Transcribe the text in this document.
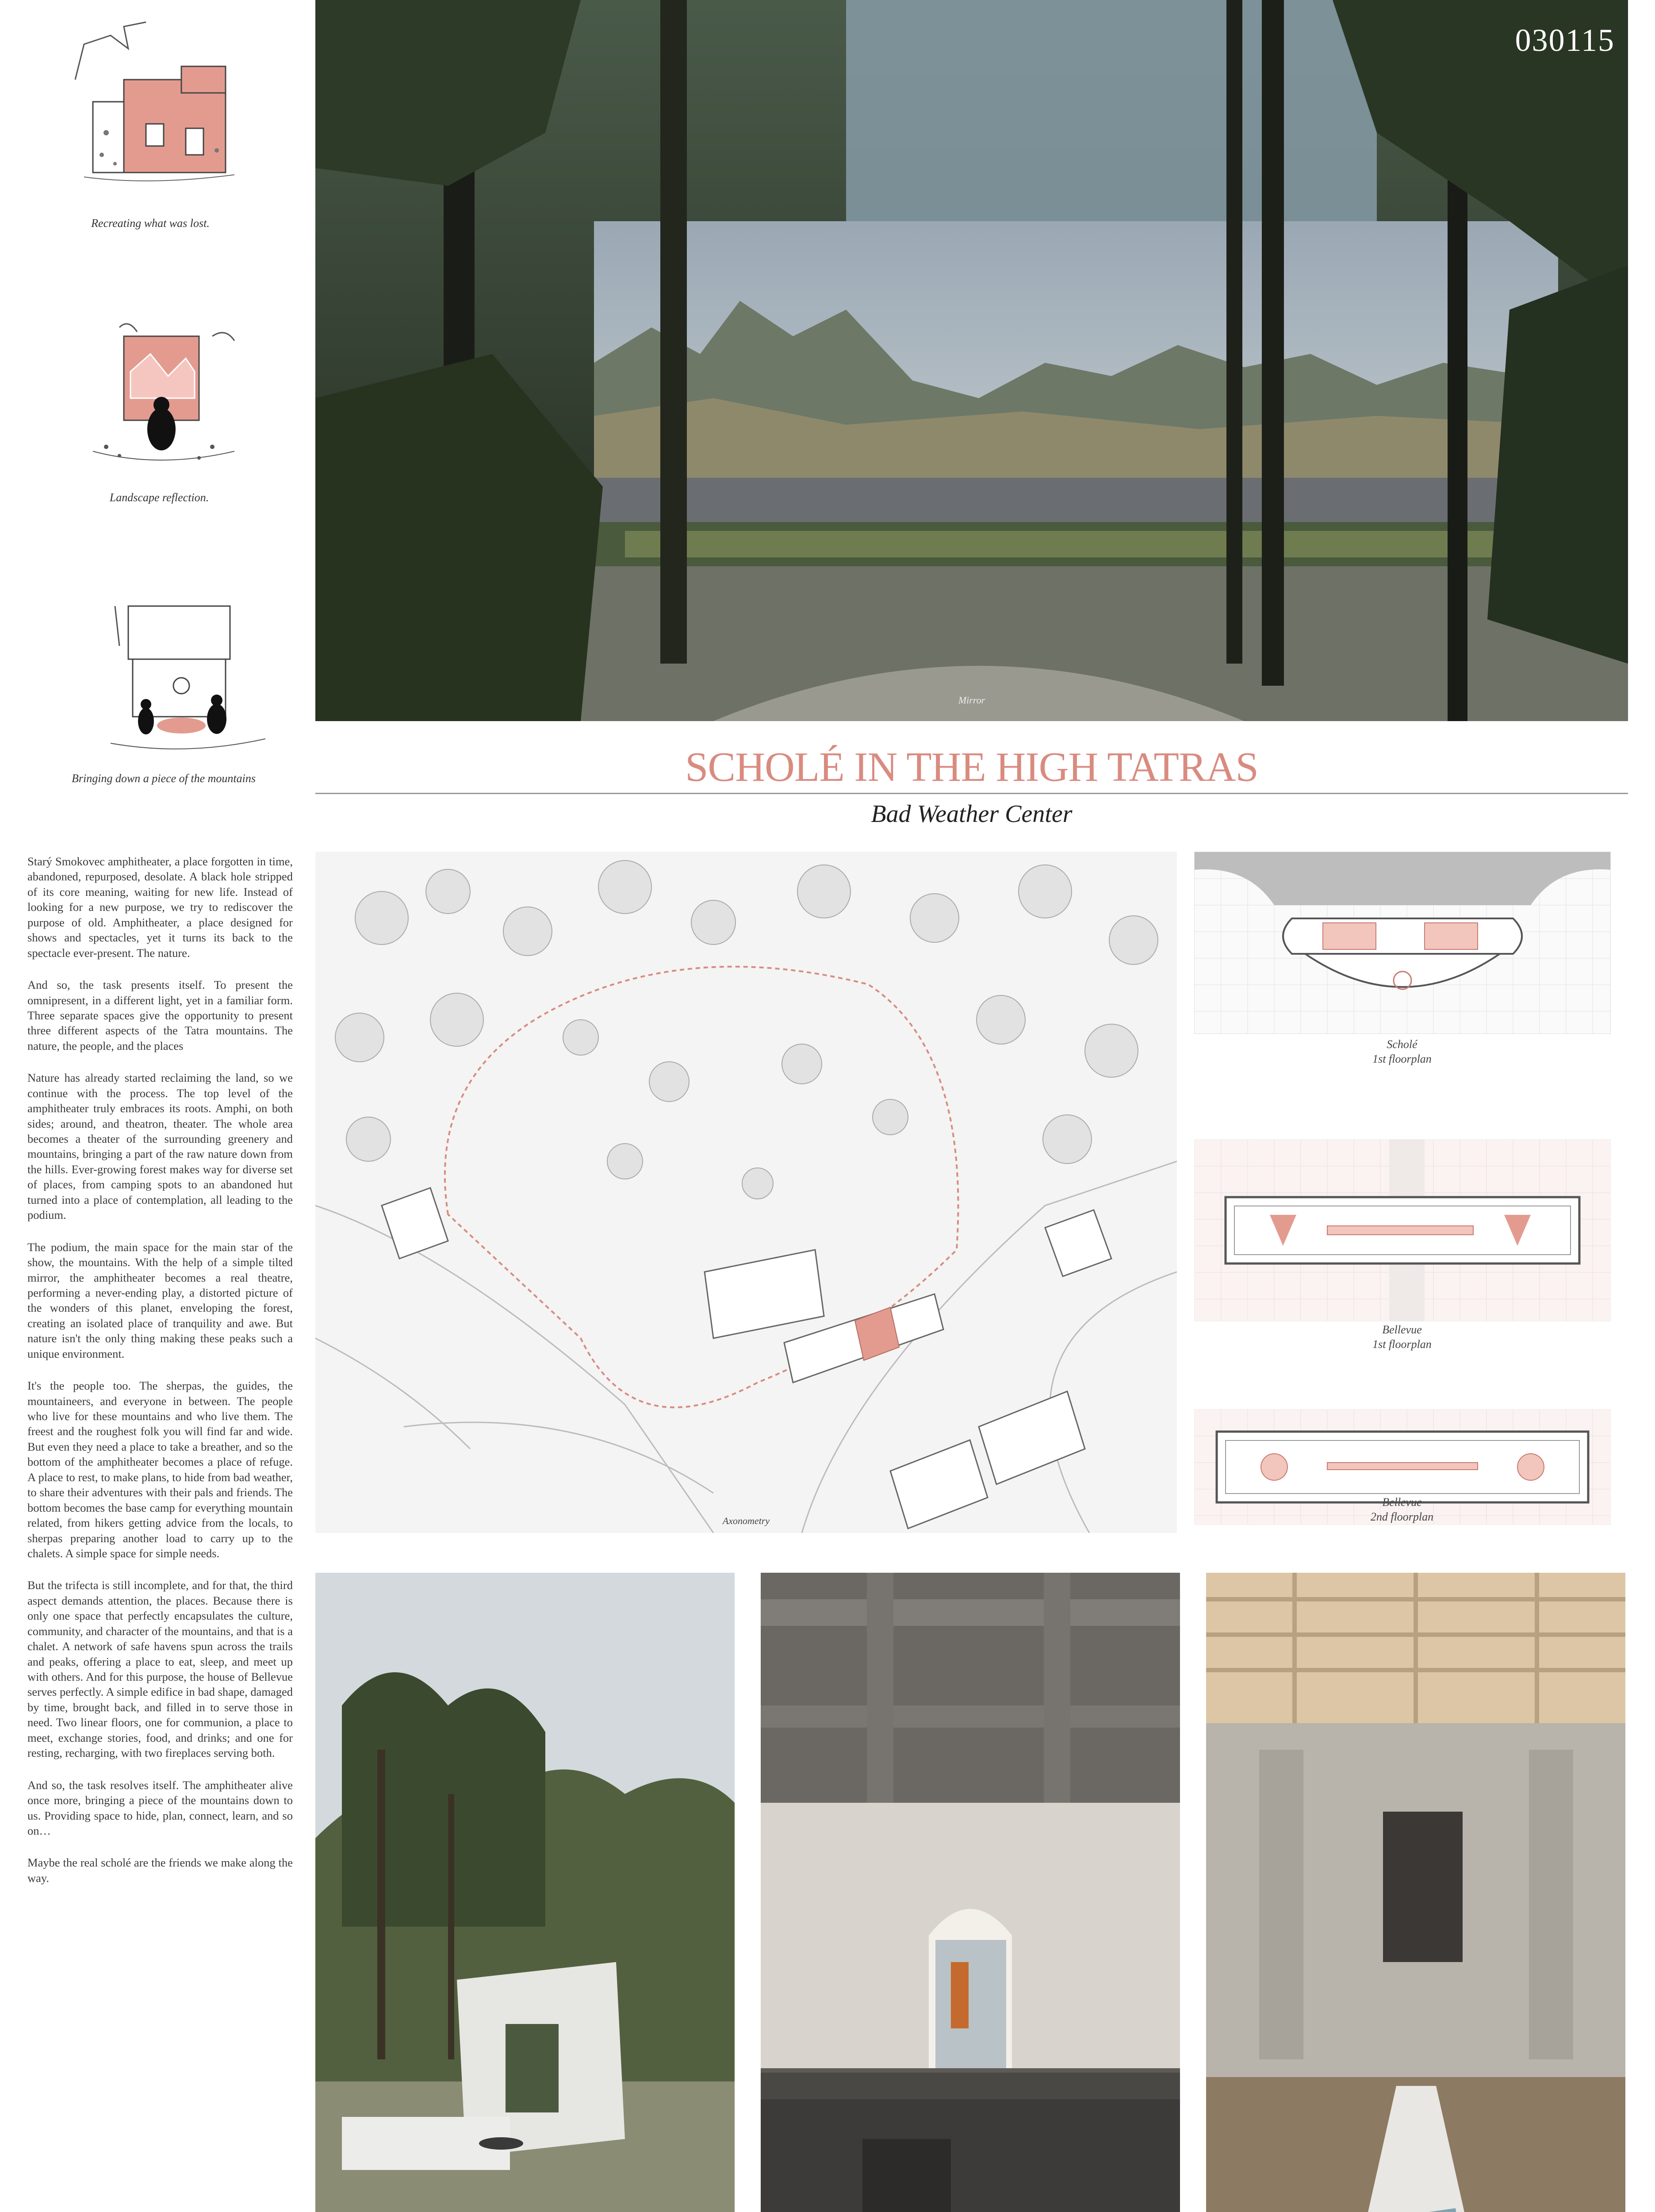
Recreating what was lost.
Landscape reflection.
Bringing down a piece of the mountains
Mirror
030115
SCHOLÉ IN THE HIGH TATRAS
Bad Weather Center

Starý Smokovec amphitheater, a place forgotten in time, abandoned, repurposed, desolate. A black hole stripped of its core meaning, waiting for new life. Instead of looking for a new purpose, we try to rediscover the purpose of old. Amphitheater, a place designed for shows and spectacles, yet it turns its back to the spectacle ever-present. The nature.

And so, the task presents itself. To present the omnipresent, in a different light, yet in a familiar form. Three separate spaces give the opportunity to present three different aspects of the Tatra mountains. The nature, the people, and the places

Nature has already started reclaiming the land, so we continue with the process. The top level of the amphitheater truly embraces its roots. Amphi, on both sides; around, and theatron, theater. The whole area becomes a theater of the surrounding greenery and mountains, bringing a part of the raw nature down from the hills. Ever-growing forest makes way for diverse set of places, from camping spots to an abandoned hut turned into a place of contemplation, all leading to the podium.

The podium, the main space for the main star of the show, the mountains. With the help of a simple tilted mirror, the amphitheater becomes a real theatre, performing a never-ending play, a distorted picture of the wonders of this planet, enveloping the forest, creating an isolated place of tranquility and awe. But nature isn't the only thing making these peaks such a unique environment.

It's the people too. The sherpas, the guides, the mountaineers, and everyone in between. The people who live for these mountains and who live them. The freest and the roughest folk you will find far and wide. But even they need a place to take a breather, and so the bottom of the amphitheater becomes a place of refuge. A place to rest, to make plans, to hide from bad weather, to share their adventures with their pals and friends. The bottom becomes the base camp for everything mountain related, from hikers getting advice from the locals, to sherpas preparing another load to carry up to the chalets. A simple space for simple needs.

But the trifecta is still incomplete, and for that, the third aspect demands attention, the places. Because there is only one space that perfectly encapsulates the culture, community, and character of the mountains, and that is a chalet. A network of safe havens spun across the trails and peaks, offering a place to eat, sleep, and meet up with others. And for this purpose, the house of Bellevue serves perfectly. A simple edifice in bad shape, damaged by time, brought back, and filled in to serve those in need. Two linear floors, one for communion, a place to meet, exchange stories, food, and drinks; and one for resting, recharging, with two fireplaces serving both.

And so, the task resolves itself. The amphitheater alive once more, bringing a piece of the mountains down to us. Providing space to hide, plan, connect, learn, and so on…

Maybe the real scholé are the friends we make along the way.

Axonometry
Scholé
1st floorplan
Bellevue
1st floorplan
Bellevue
2nd floorplan
